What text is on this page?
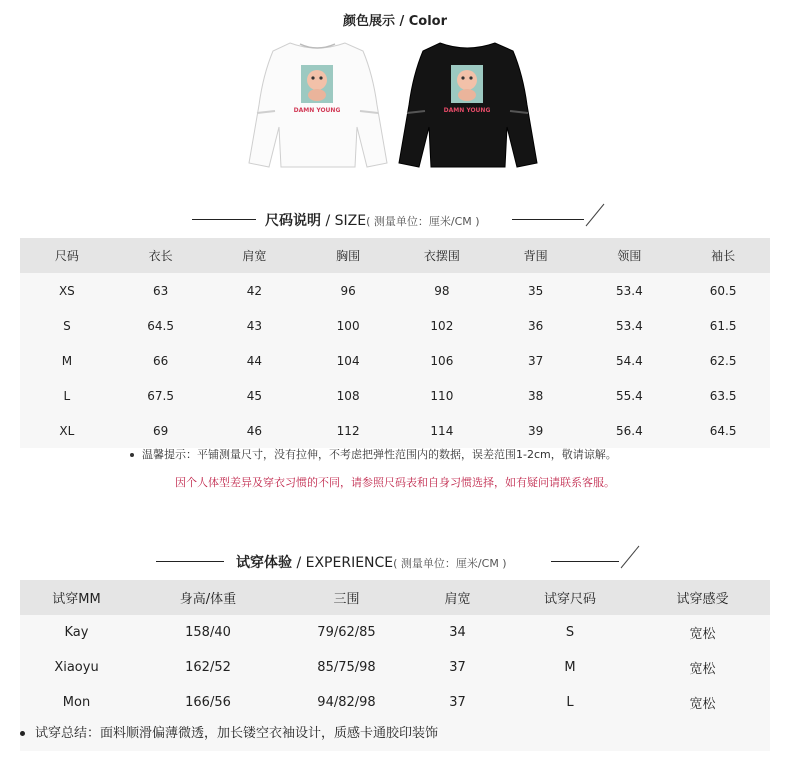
颜色展示 / Color
DAMN YOUNG	DAMN YOUNG
尺码说明 / SIZE( 测量单位：厘米/CM )
尺码	衣长	肩宽	胸围	衣摆围	背围	领围	袖长
XS	63	42	96	98	35	53.4	60.5
S	64.5	43	100	102	36	53.4	61.5
M	66	44	104	106	37	54.4	62.5
L	67.5	45	108	110	38	55.4	63.5
XL	69	46	112	114	39	56.4	64.5
温馨提示：平铺测量尺寸，没有拉伸，不考虑把弹性范围内的数据，误差范围1-2cm，敬请谅解。
因个人体型差异及穿衣习惯的不同，请参照尺码表和自身习惯选择，如有疑问请联系客服。
试穿体验 / EXPERIENCE( 测量单位：厘米/CM )
试穿MM	身高/体重	三围	肩宽	试穿尺码	试穿感受
Kay	158/40	79/62/85	34	S	宽松
Xiaoyu	162/52	85/75/98	37	M	宽松
Mon	166/56	94/82/98	37	L	宽松
试穿总结：面料顺滑偏薄微透，加长镂空衣袖设计，质感卡通胶印装饰
